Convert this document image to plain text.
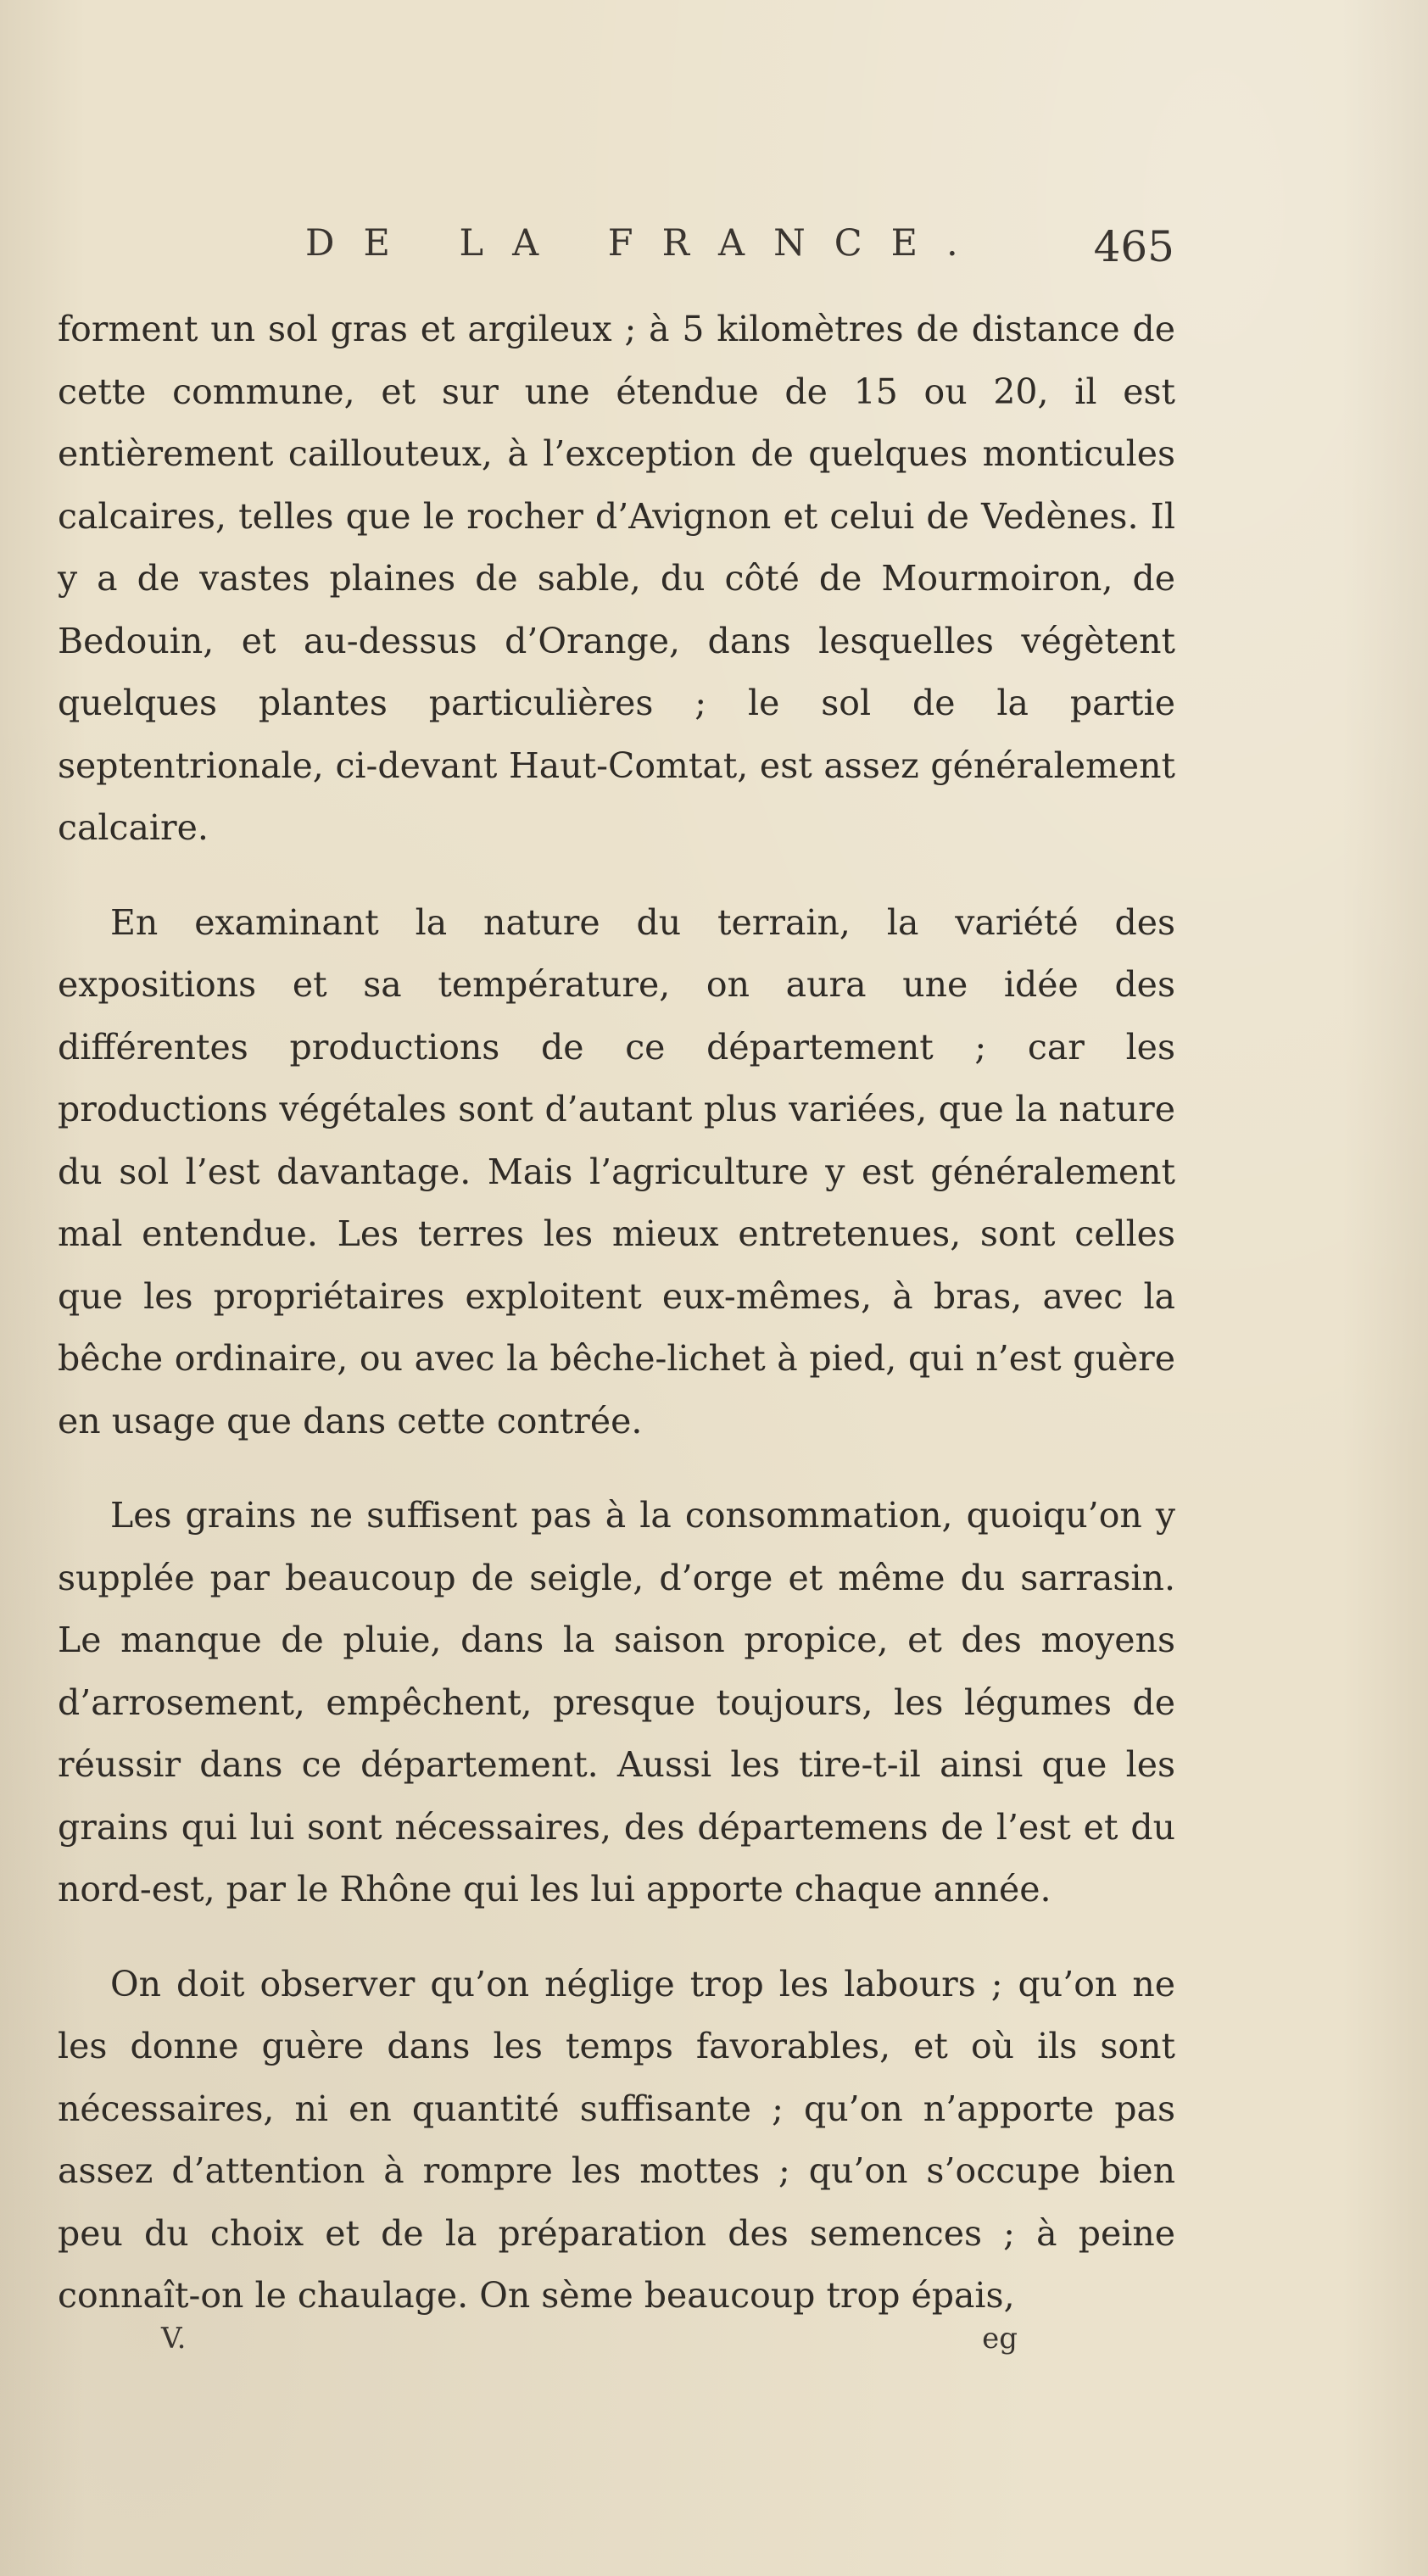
DE LA FRANCE.	465

forment un sol gras et argileux ; à 5 kilomètres de distance de cette commune, et sur une étendue de 15 ou 20, il est entièrement caillouteux, à l’exception de quelques monticules calcaires, telles que le rocher d’Avignon et celui de Vedènes. Il y a de vastes plaines de sable, du côté de Mourmoiron, de Bedouin, et au-dessus d’Orange, dans lesquelles végètent quelques plantes particulières ; le sol de la partie septentrionale, ci-devant Haut-Comtat, est assez généralement calcaire.

En examinant la nature du terrain, la variété des expositions et sa température, on aura une idée des différentes productions de ce département ; car les productions végétales sont d’autant plus variées, que la nature du sol l’est davantage. Mais l’agriculture y est généralement mal entendue. Les terres les mieux entretenues, sont celles que les propriétaires exploitent eux-mêmes, à bras, avec la bêche ordinaire, ou avec la bêche-lichet à pied, qui n’est guère en usage que dans cette contrée.

Les grains ne suffisent pas à la consommation, quoiqu’on y supplée par beaucoup de seigle, d’orge et même du sarrasin. Le manque de pluie, dans la saison propice, et des moyens d’arrosement, empêchent, presque toujours, les légumes de réussir dans ce département. Aussi les tire-t-il ainsi que les grains qui lui sont nécessaires, des départemens de l’est et du nord-est, par le Rhône qui les lui apporte chaque année.

On doit observer qu’on néglige trop les labours ; qu’on ne les donne guère dans les temps favorables, et où ils sont nécessaires, ni en quantité suffisante ; qu’on n’apporte pas assez d’attention à rompre les mottes ; qu’on s’occupe bien peu du choix et de la préparation des semences ; à peine connaît-on le chaulage. On sème beaucoup trop épais,

V.	eg
